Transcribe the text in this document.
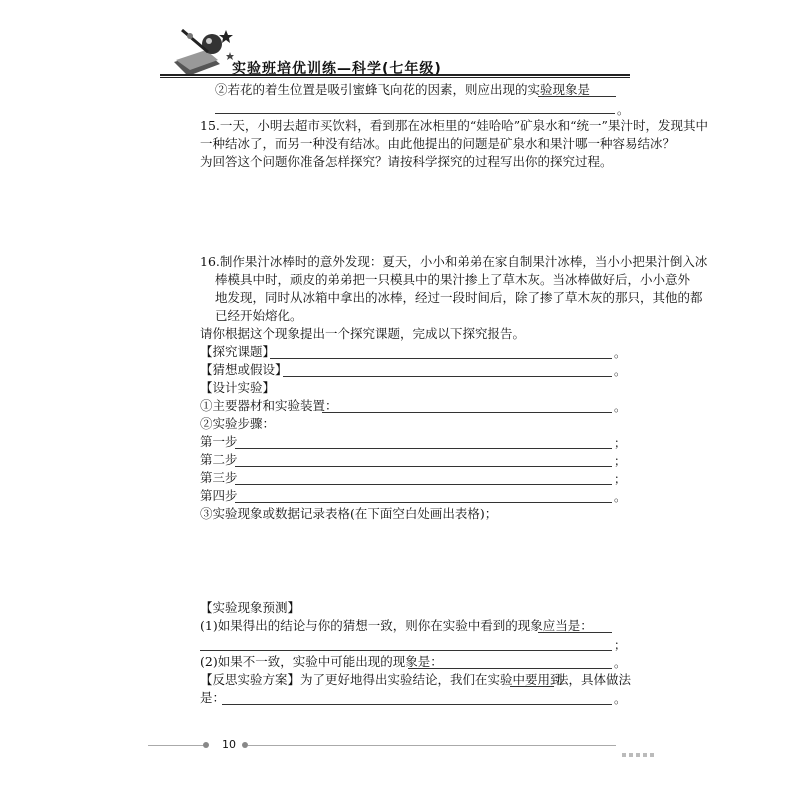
实验班培优训练—科学(七年级)
②若花的着生位置是吸引蜜蜂飞向花的因素，则应出现的实验现象是
。
15.一天，小明去超市买饮料，看到那在冰柜里的“娃哈哈”矿泉水和“统一”果汁时，发现其中
一种结冰了，而另一种没有结冰。由此他提出的问题是矿泉水和果汁哪一种容易结冰？
为回答这个问题你准备怎样探究？请按科学探究的过程写出你的探究过程。
16.制作果汁冰棒时的意外发现：夏天，小小和弟弟在家自制果汁冰棒，当小小把果汁倒入冰
棒模具中时，顽皮的弟弟把一只模具中的果汁掺上了草木灰。当冰棒做好后，小小意外
地发现，同时从冰箱中拿出的冰棒，经过一段时间后，除了掺了草木灰的那只，其他的都
已经开始熔化。
请你根据这个现象提出一个探究课题，完成以下探究报告。
【探究课题】	。
【猜想或假设】	。
【设计实验】
①主要器材和实验装置：	。
②实验步骤：
第一步	；
第二步	；
第三步	；
第四步	。
③实验现象或数据记录表格(在下面空白处画出表格)；
【实验现象预测】
(1)如果得出的结论与你的猜想一致，则你在实验中看到的现象应当是：
；
(2)如果不一致，实验中可能出现的现象是：	。
【反思实验方案】为了更好地得出实验结论，我们在实验中要用到
法，具体做法
是：	。
10
